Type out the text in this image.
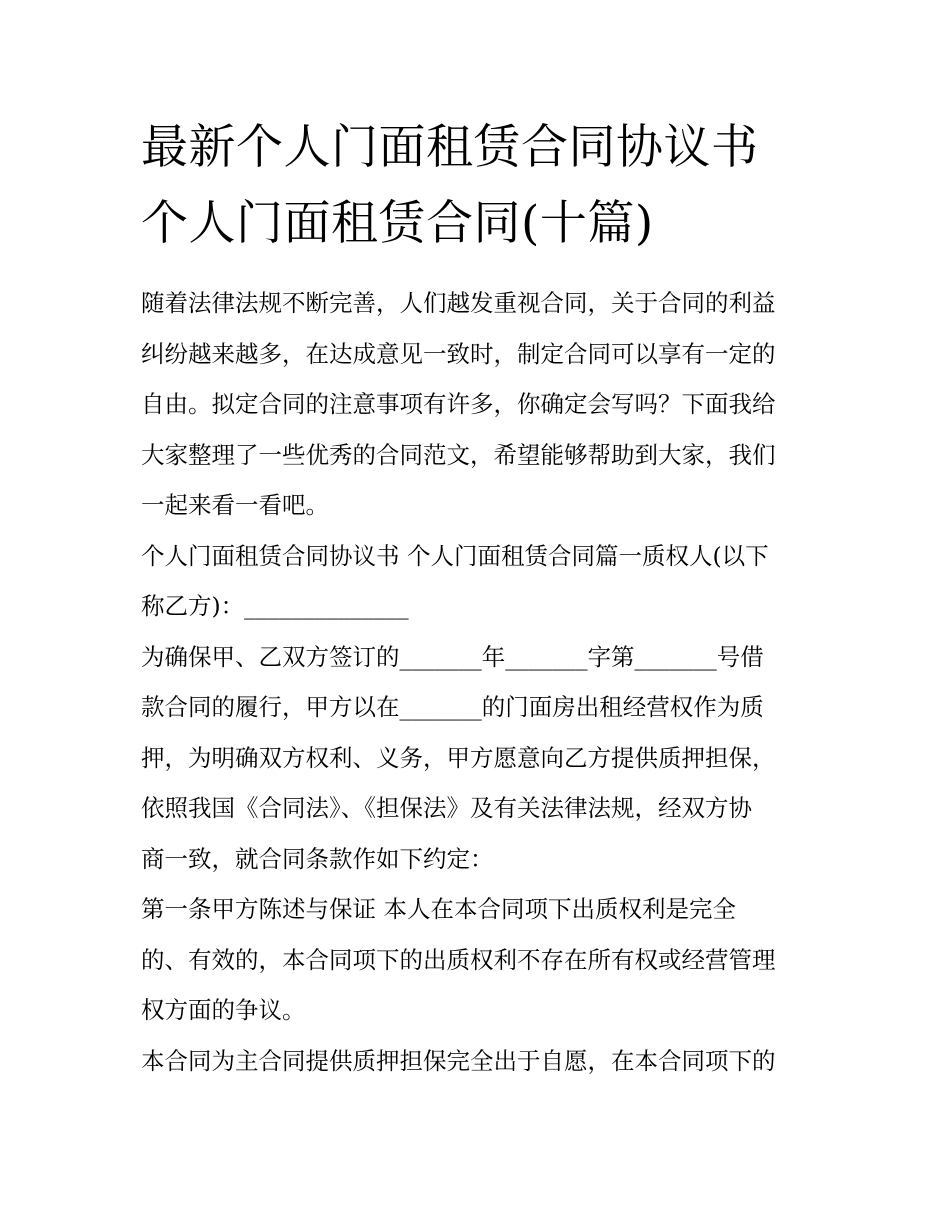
最新个人门面租赁合同协议书
个人门面租赁合同(十篇)
随着法律法规不断完善，人们越发重视合同，关于合同的利益
纠纷越来越多，在达成意见一致时，制定合同可以享有一定的
自由。拟定合同的注意事项有许多，你确定会写吗？下面我给
大家整理了一些优秀的合同范文，希望能够帮助到大家，我们
一起来看一看吧。
个人门面租赁合同协议书 个人门面租赁合同篇一质权人(以下
称乙方)：______________
为确保甲、乙双方签订的_______年_______字第_______号借
款合同的履行，甲方以在_______的门面房出租经营权作为质
押，为明确双方权利、义务，甲方愿意向乙方提供质押担保，
依照我国《合同法》、《担保法》及有关法律法规，经双方协
商一致，就合同条款作如下约定：
第一条甲方陈述与保证 本人在本合同项下出质权利是完全
的、有效的，本合同项下的出质权利不存在所有权或经营管理
权方面的争议。
本合同为主合同提供质押担保完全出于自愿，在本合同项下的
